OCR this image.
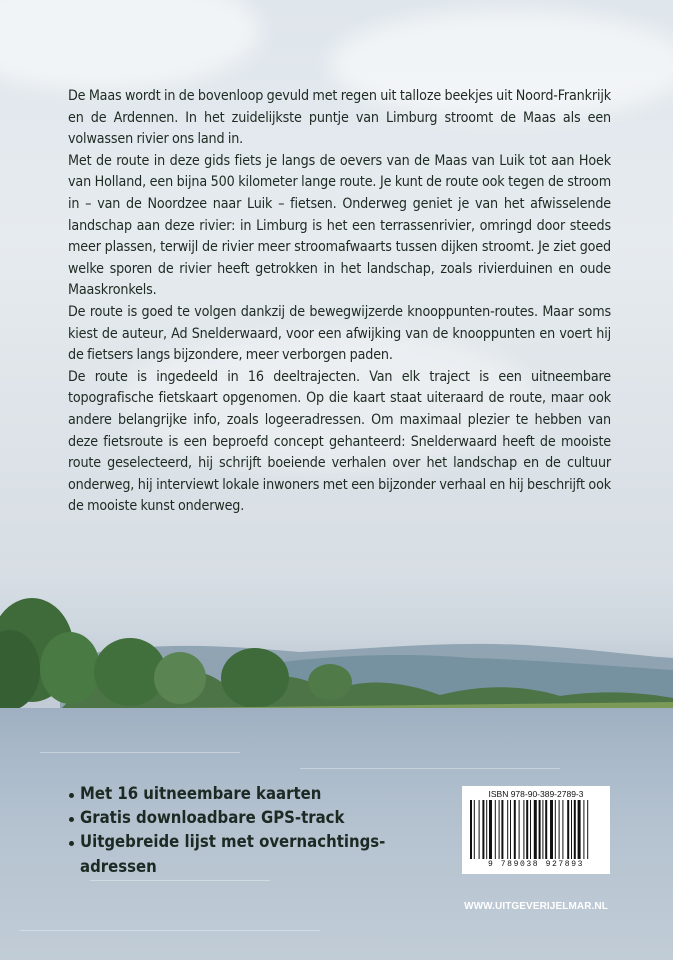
De Maas wordt in de bovenloop gevuld met regen uit talloze beekjes uit Noord-Frankrijk en de Ardennen. In het zuidelijkste puntje van Limburg stroomt de Maas als een volwassen rivier ons land in.

Met de route in deze gids fiets je langs de oevers van de Maas van Luik tot aan Hoek van Holland, een bijna 500 kilometer lange route. Je kunt de route ook tegen de stroom in – van de Noordzee naar Luik – fietsen. Onderweg geniet je van het afwisselende landschap aan deze rivier: in Limburg is het een terrassenrivier, omringd door steeds meer plassen, terwijl de rivier meer stroomafwaarts tussen dijken stroomt. Je ziet goed welke sporen de rivier heeft getrokken in het landschap, zoals rivierduinen en oude Maaskronkels.

De route is goed te volgen dankzij de bewegwijzerde knooppunten-routes. Maar soms kiest de auteur, Ad Snelderwaard, voor een afwijking van de knooppunten en voert hij de fietsers langs bijzondere, meer verborgen paden.

De route is ingedeeld in 16 deeltrajecten. Van elk traject is een uitneembare topografische fietskaart opgenomen. Op die kaart staat uiteraard de route, maar ook andere belangrijke info, zoals logeeradressen. Om maximaal plezier te hebben van deze fietsroute is een beproefd concept gehanteerd: Snelderwaard heeft de mooiste route geselecteerd, hij schrijft boeiende verhalen over het landschap en de cultuur onderweg, hij interviewt lokale inwoners met een bijzonder verhaal en hij beschrijft ook de mooiste kunst onderweg.

Met 16 uitneembare kaarten
Gratis downloadbare GPS-track
Uitgebreide lijst met overnachtings-adressen
ISBN 978-90-389-2789-3
9 789038 927893
WWW.UITGEVERIJELMAR.NL
